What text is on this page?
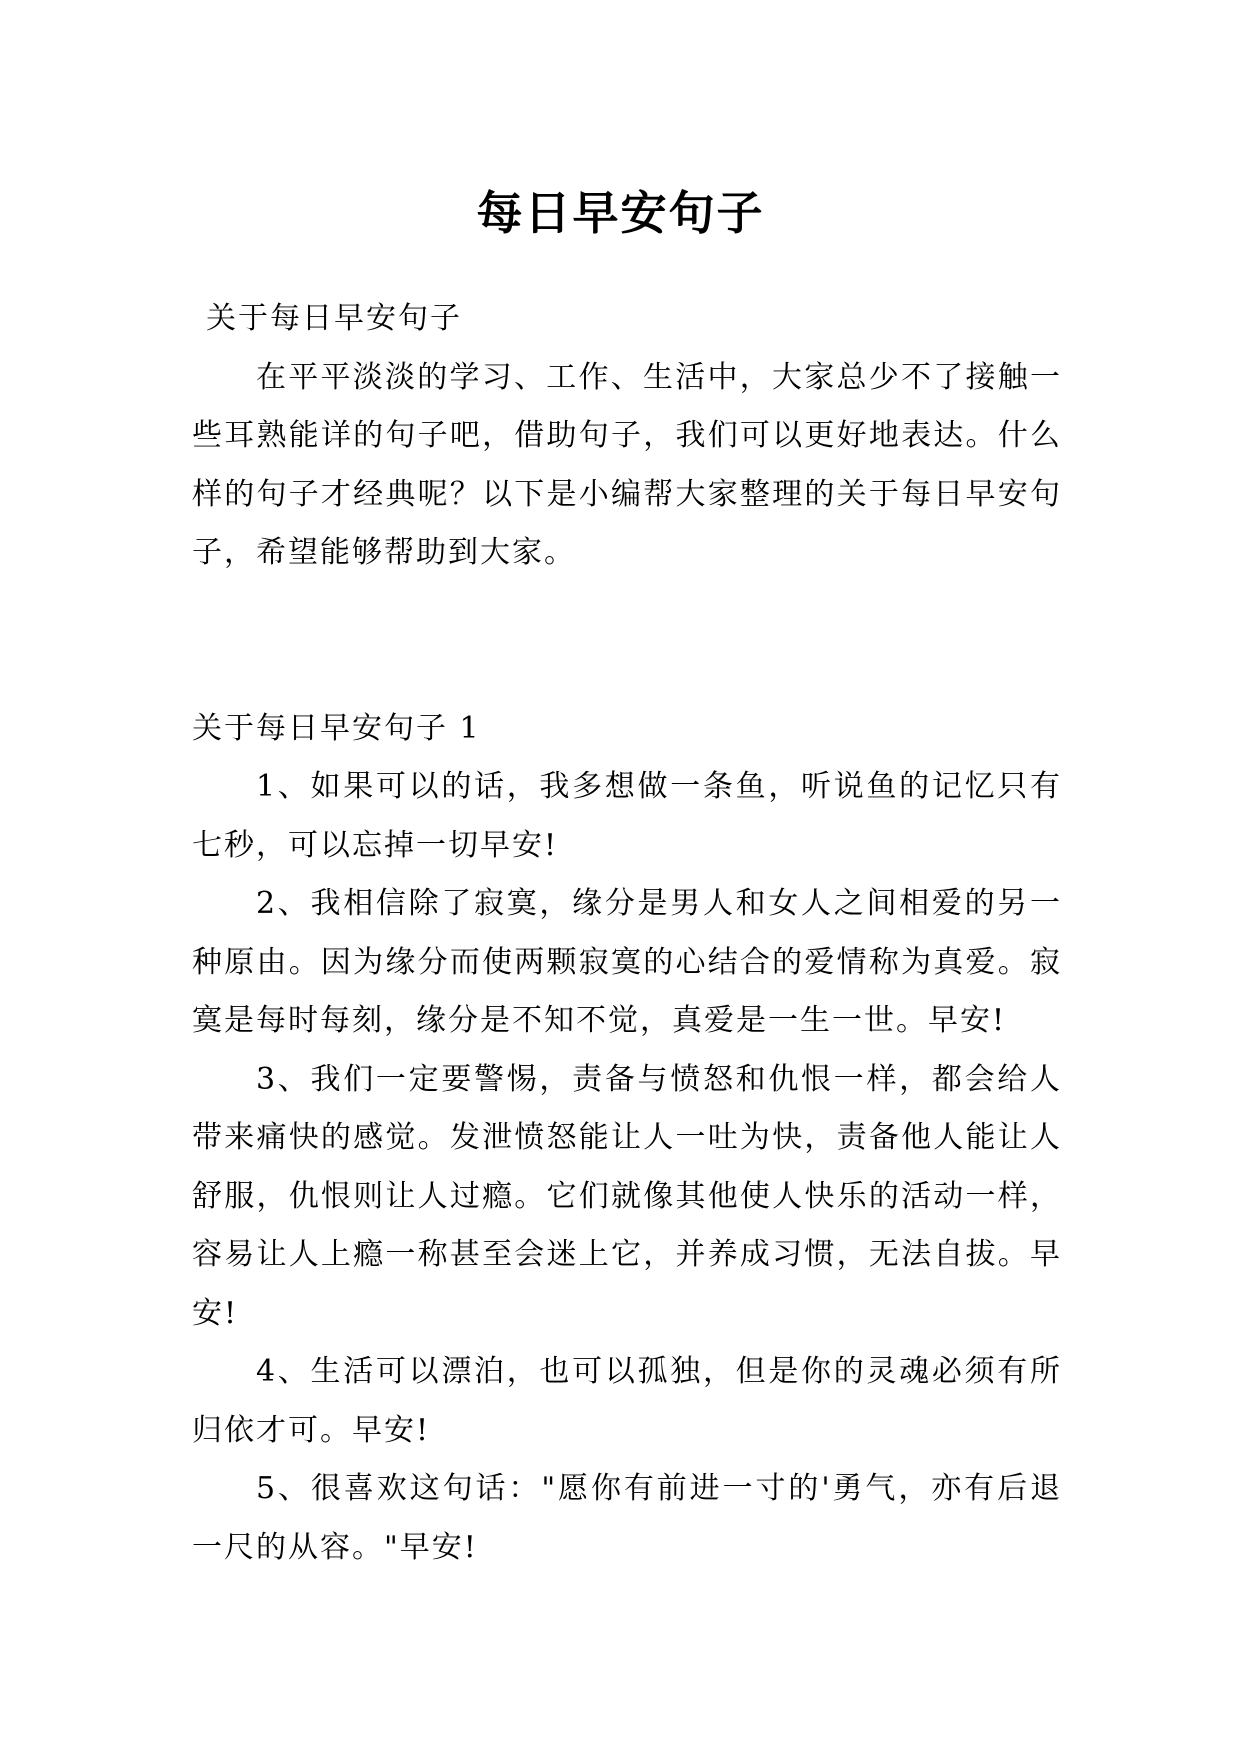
每日早安句子

关于每日早安句子

在平平淡淡的学习、工作、生活中，大家总少不了接触一些耳熟能详的句子吧，借助句子，我们可以更好地表达。什么样的句子才经典呢？以下是小编帮大家整理的关于每日早安句子，希望能够帮助到大家。

关于每日早安句子 1

1、如果可以的话，我多想做一条鱼，听说鱼的记忆只有七秒，可以忘掉一切早安!

2、我相信除了寂寞，缘分是男人和女人之间相爱的另一种原由。因为缘分而使两颗寂寞的心结合的爱情称为真爱。寂寞是每时每刻，缘分是不知不觉，真爱是一生一世。早安!

3、我们一定要警惕，责备与愤怒和仇恨一样，都会给人带来痛快的感觉。发泄愤怒能让人一吐为快，责备他人能让人舒服，仇恨则让人过瘾。它们就像其他使人快乐的活动一样，容易让人上瘾一称甚至会迷上它，并养成习惯，无法自拔。早安!

4、生活可以漂泊，也可以孤独，但是你的灵魂必须有所归依才可。早安!

5、很喜欢这句话："愿你有前进一寸的'勇气，亦有后退一尺的从容。"早安!
